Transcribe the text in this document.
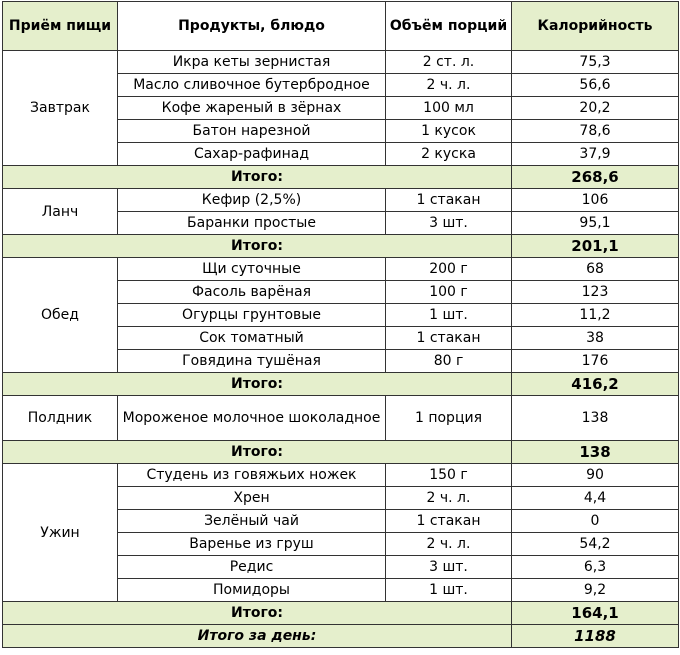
Приём пищи	Продукты, блюдо	Объём порций	Калорийность
Завтрак	Икра кеты зернистая	2 ст. л.	75,3
	Масло сливочное бутербродное	2 ч. л.	56,6
	Кофе жареный в зёрнах	100 мл	20,2
	Батон нарезной	1 кусок	78,6
	Сахар-рафинад	2 куска	37,9
Итого:			268,6
Ланч	Кефир (2,5%)	1 стакан	106
	Баранки простые	3 шт.	95,1
Итого:			201,1
Обед	Щи суточные	200 г	68
	Фасоль варёная	100 г	123
	Огурцы грунтовые	1 шт.	11,2
	Сок томатный	1 стакан	38
	Говядина тушёная	80 г	176
Итого:			416,2
Полдник	Мороженое молочное шоколадное	1 порция	138
Итого:			138
Ужин	Студень из говяжьих ножек	150 г	90
	Хрен	2 ч. л.	4,4
	Зелёный чай	1 стакан	0
	Варенье из груш	2 ч. л.	54,2
	Редис	3 шт.	6,3
	Помидоры	1 шт.	9,2
Итого:			164,1
Итого за день:			1188
